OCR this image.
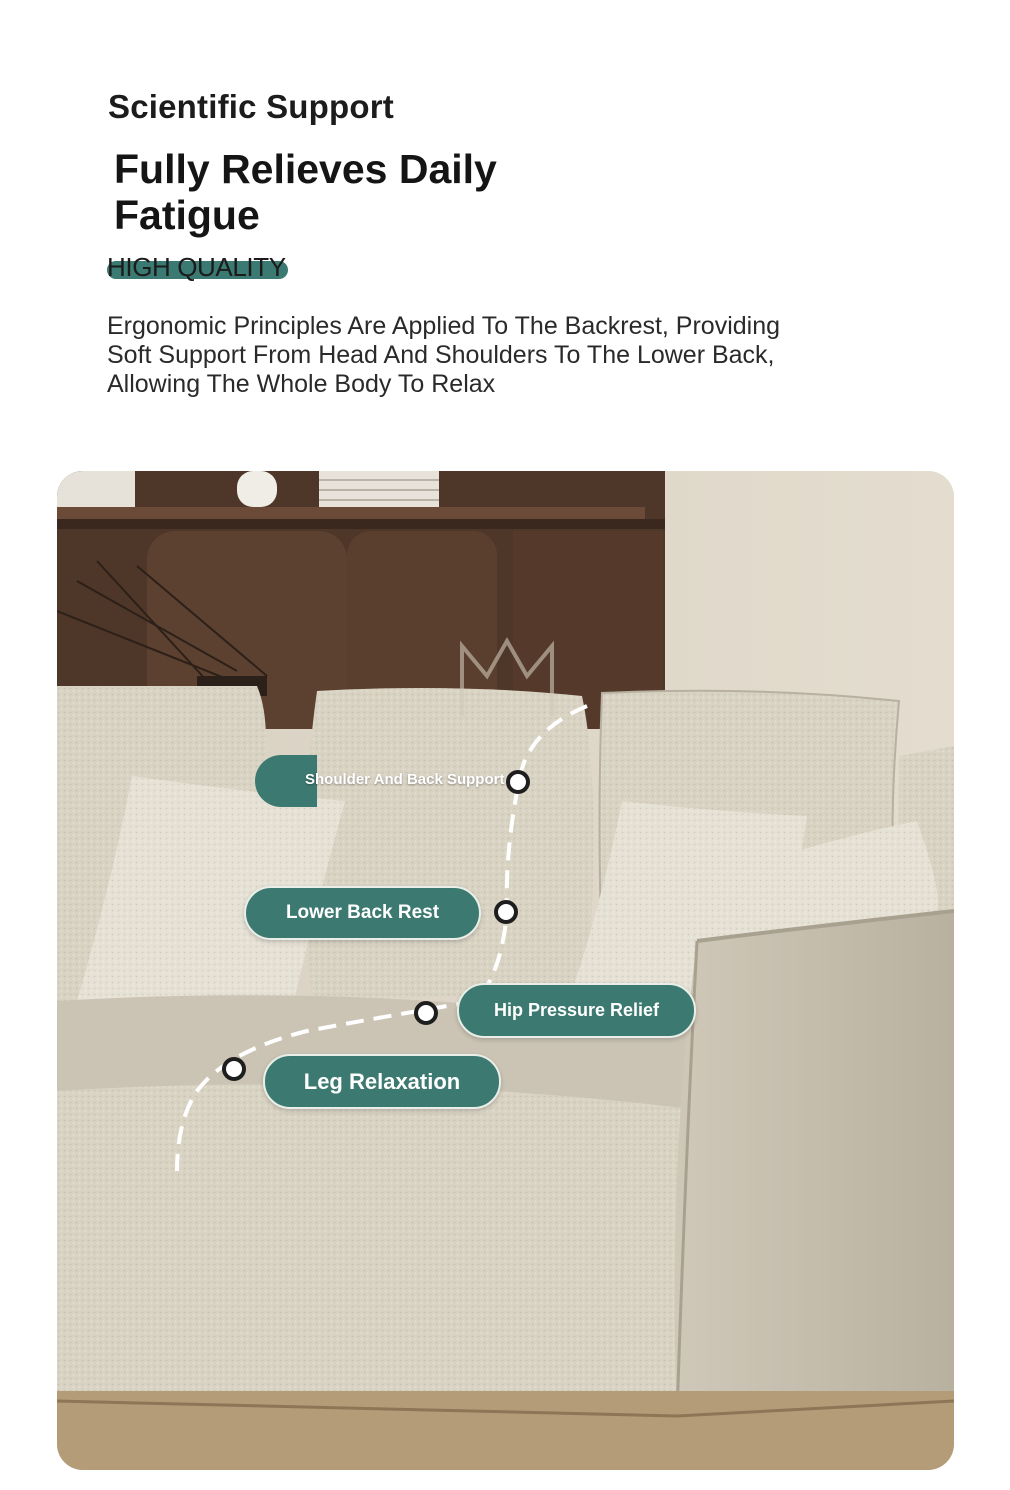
Scientific Support
Fully Relieves Daily
Fatigue
HIGH QUALITY
Ergonomic Principles Are Applied To The Backrest, Providing
Soft Support From Head And Shoulders To The Lower Back,
Allowing The Whole Body To Relax
Shoulder And Back Support
Lower Back Rest
Hip Pressure Relief
Leg Relaxation
